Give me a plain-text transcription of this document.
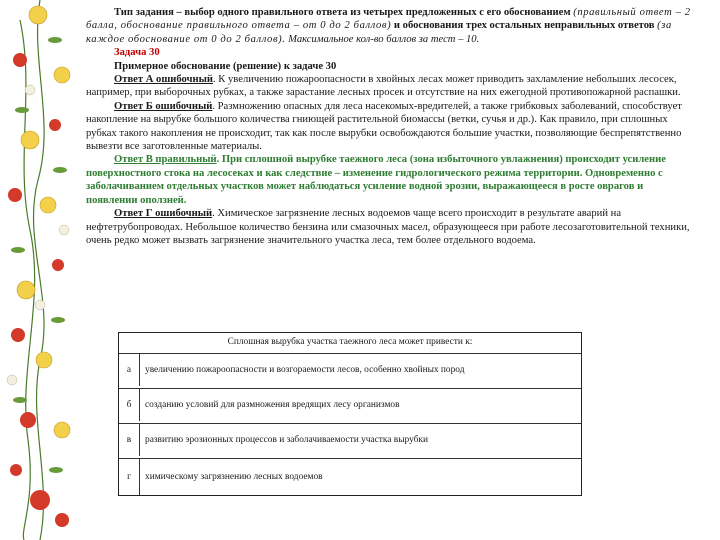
Тип задания – выбор одного правильного ответа из четырех предложенных с его обоснованием (правильный ответ – 2 балла, обоснование правильного ответа – от 0 до 2 баллов) и обоснования трех остальных неправильных ответов (за каждое обоснование от 0 до 2 баллов). Максимальное кол-во баллов за тест – 10.

Задача 30

Примерное обоснование (решение) к задаче 30

Ответ А ошибочный. К увеличению пожароопасности в хвойных лесах может приводить захламление небольших лесосек, например, при выборочных рубках, а также зарастание лесных просек и отсутствие на них ежегодной противопожарной распашки.

Ответ Б ошибочный. Размножению опасных для леса насекомых-вредителей, а также грибковых заболеваний, способствует накопление на вырубке большого количества гниющей растительной биомассы (ветки, сучья и др.). Как правило, при сплошных рубках такого накопления не происходит, так как после вырубки освобождаются большие участки, позволяющие беспрепятственно вывезти все заготовленные материалы.

Ответ В правильный. При сплошной вырубке таежного леса (зона избыточного увлажнения) происходит усиление поверхностного стока на лесосеках и как следствие – изменение гидрологического режима территории. Одновременно с заболачиванием отдельных участков может наблюдаться усиление водной эрозии, выражающееся в росте оврагов и появлении оползней.

Ответ Г ошибочный. Химическое загрязнение лесных водоемов чаще всего происходит в результате аварий на нефтетрубопроводах. Небольшое количество бензина или смазочных масел, образующееся при работе лесозаготовительной техники, очень редко может вызвать загрязнение значительного участка леса, тем более отдельного водоема.

Сплошная вырубка участка таежного леса может привести к:
а	увеличению пожароопасности и возгораемости лесов, особенно хвойных пород
б	созданию условий для размножения вредящих лесу организмов
в	развитию эрозионных процессов и заболачиваемости участка вырубки
г	химическому загрязнению лесных водоемов
